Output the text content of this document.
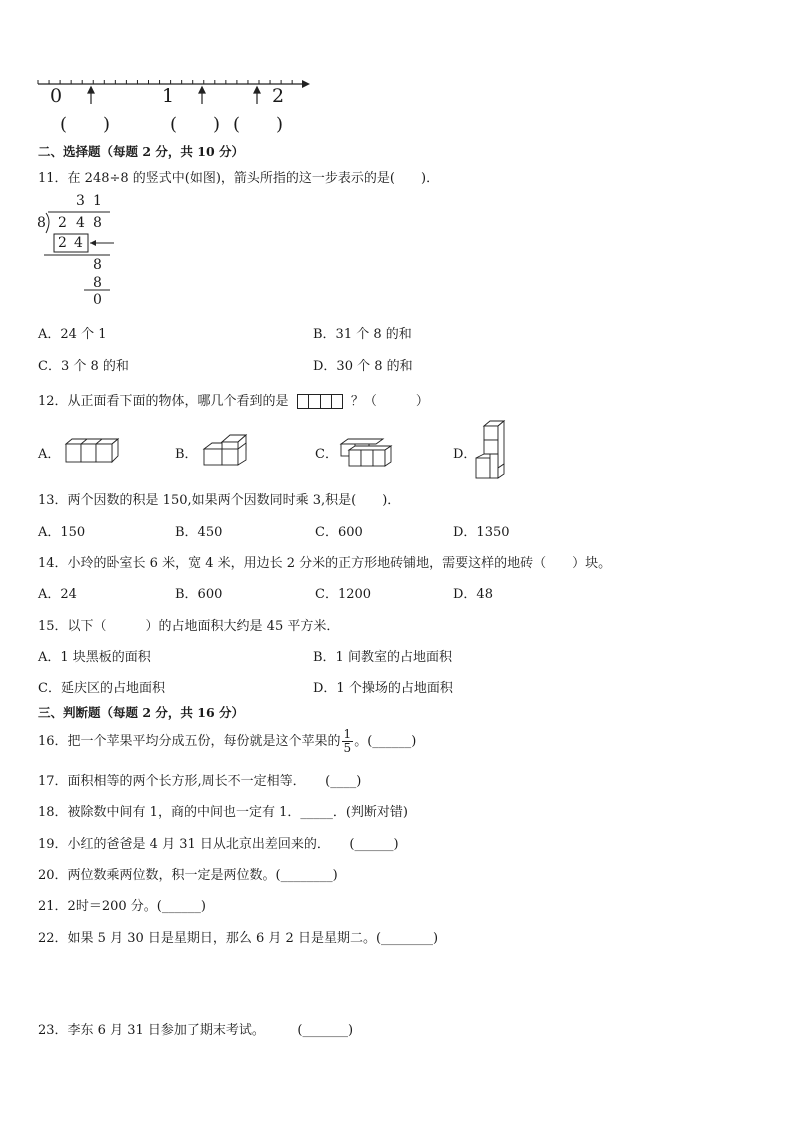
0	1	2
(　　)	(　　) (　　)
二、选择题（每题 2 分，共 10 分）
11．在 248÷8 的竖式中(如图)，箭头所指的这一步表示的是(　　)．
3 1
8 2 4 8
2 4
8
8
0
A．24 个 1	B．31 个 8 的和
C．3 个 8 的和	D．30 个 8 的和
12．从正面看下面的物体，哪几个看到的是	？（　　　）
A．	B．	C．	D．
13．两个因数的积是 150,如果两个因数同时乘 3,积是(　　)．
A．150	B．450	C．600	D．1350
14．小玲的卧室长 6 米，宽 4 米，用边长 2 分米的正方形地砖铺地，需要这样的地砖（　　）块。
A．24	B．600	C．1200	D．48
15．以下（　　　）的占地面积大约是 45 平方米．
A．1 块黑板的面积	B．1 间教室的占地面积
C．延庆区的占地面积	D．1 个操场的占地面积
三、判断题（每题 2 分，共 16 分）
16．把一个苹果平均分成五份，每份就是这个苹果的 $\frac{1}{5}$ 。(______)
17．面积相等的两个长方形,周长不一定相等．　　(____)
18．被除数中间有 1，商的中间也一定有 1．_____．(判断对错)
19．小红的爸爸是 4 月 31 日从北京出差回来的．　　(______)
20．两位数乘两位数，积一定是两位数。(________)
21．2时＝200 分。(______)
22．如果 5 月 30 日是星期日，那么 6 月 2 日是星期二。(________)
23．李东 6 月 31 日参加了期末考试。　　　(_______)
